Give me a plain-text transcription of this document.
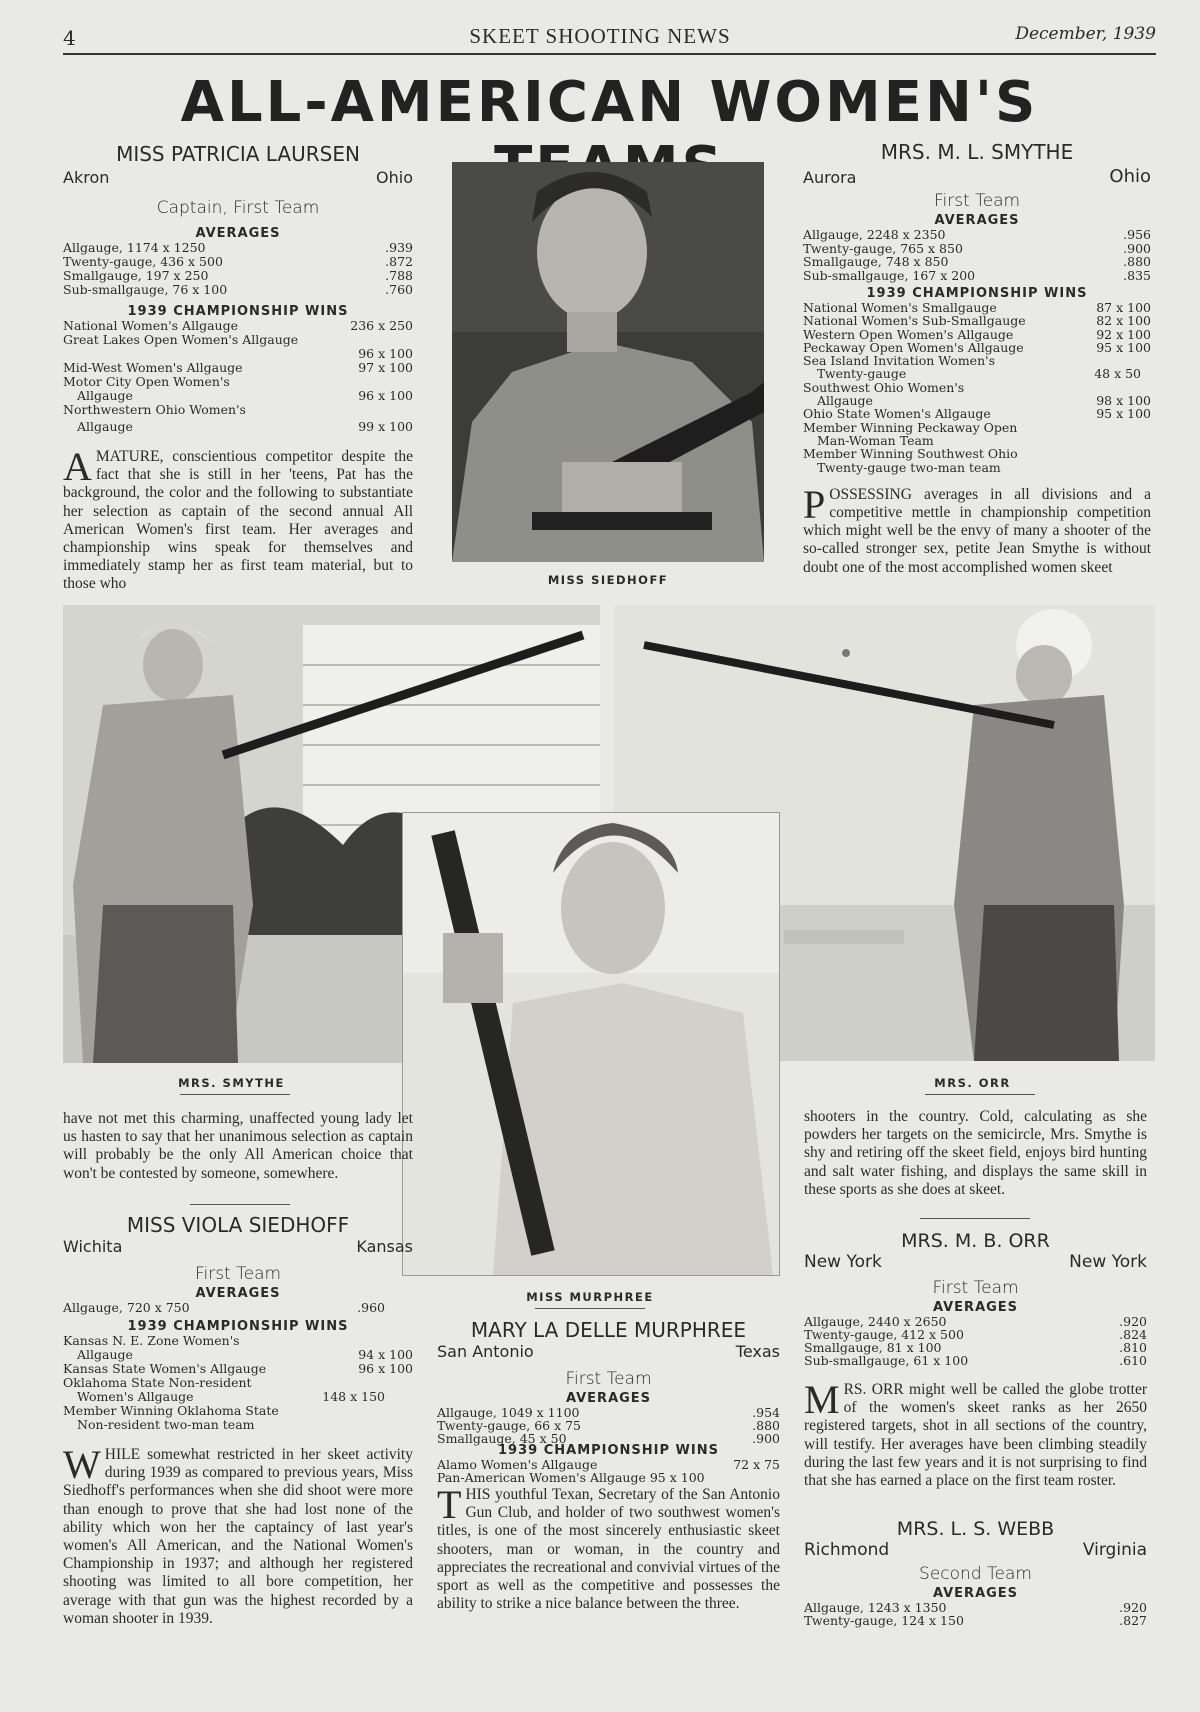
4	SKEET SHOOTING NEWS	December, 1939
ALL-AMERICAN WOMEN'S
MISS PATRICIA LAURSEN
Akron	Ohio
Captain, First Team
AVERAGES
Allgauge, 1174 x 1250	.939
Twenty-gauge, 436 x 500	.872
Smallgauge, 197 x 250	.788
Sub-smallgauge, 76 x 100	.760
1939 CHAMPIONSHIP WINS
National Women's Allgauge	236 x 250
Great Lakes Open Women's Allgauge
96 x 100
Mid-West Women's Allgauge	97 x 100
Motor City Open Women's
Allgauge	96 x 100
Northwestern Ohio Women's
Allgauge	99 x 100
AMATURE, conscientious competitor despite the fact that she is still in her 'teens, Pat has the background, the color and the following to substantiate her selection as captain of the second annual All American Women's first team. Her averages and championship wins speak for themselves and immediately stamp her as first team material, but to those who	MISS SIEDHOFF
MRS. M. L. SMYTHE
Aurora	Ohio
First Team
AVERAGES
Allgauge, 2248 x 2350	.956
Twenty-gauge, 765 x 850	.900
Smallgauge, 748 x 850	.880
Sub-smallgauge, 167 x 200	.835
1939 CHAMPIONSHIP WINS
National Women's Smallgauge	87 x 100
National Women's Sub-Smallgauge	82 x 100
Western Open Women's Allgauge	92 x 100
Peckaway Open Women's Allgauge	95 x 100
Sea Island Invitation Women's
Twenty-gauge	48 x 50
Southwest Ohio Women's
Allgauge	98 x 100
Ohio State Women's Allgauge	95 x 100
Member Winning Peckaway Open
Man-Woman Team
Member Winning Southwest Ohio
Twenty-gauge two-man team
POSSESSING averages in all divisions and a competitive mettle in championship competition which might well be the envy of many a shooter of the so-called stronger sex, petite Jean Smythe is without doubt one of the most accomplished women skeet
MRS. SMYTHE	MRS. ORR
MISS MURPHREE
have not met this charming, unaffected young lady let us hasten to say that her unanimous selection as captain will probably be the only All American choice that won't be contested by someone, somewhere.
MISS VIOLA SIEDHOFF
Wichita	Kansas
First Team
AVERAGES
Allgauge, 720 x 750	.960
1939 CHAMPIONSHIP WINS
Kansas N. E. Zone Women's
Allgauge	94 x 100
Kansas State Women's Allgauge	96 x 100
Oklahoma State Non-resident
Women's Allgauge	148 x 150
Member Winning Oklahoma State
Non-resident two-man team
WHILE somewhat restricted in her skeet activity during 1939 as compared to previous years, Miss Siedhoff's performances when she did shoot were more than enough to prove that she had lost none of the ability which won her the captaincy of last year's women's All American, and the National Women's Championship in 1937; and although her registered shooting was limited to all bore competition, her average with that gun was the highest recorded by a woman shooter in 1939.
MARY LA DELLE MURPHREE
San Antonio	Texas
First Team
AVERAGES
Allgauge, 1049 x 1100	.954
Twenty-gauge, 66 x 75	.880
Smallgauge, 45 x 50	.900
1939 CHAMPIONSHIP WINS
Alamo Women's Allgauge	72 x 75
Pan-American Women's Allgauge 95 x 100
THIS youthful Texan, Secretary of the San Antonio Gun Club, and holder of two southwest women's titles, is one of the most sincerely enthusiastic skeet shooters, man or woman, in the country and appreciates the recreational and convivial virtues of the sport as well as the competitive and possesses the ability to strike a nice balance between the three.
shooters in the country. Cold, calculating as she powders her targets on the semicircle, Mrs. Smythe is shy and retiring off the skeet field, enjoys bird hunting and salt water fishing, and displays the same skill in these sports as she does at skeet.
MRS. M. B. ORR
New York	New York
First Team
AVERAGES
Allgauge, 2440 x 2650	.920
Twenty-gauge, 412 x 500	.824
Smallgauge, 81 x 100	.810
Sub-smallgauge, 61 x 100	.610
MRS. ORR might well be called the globe trotter of the women's skeet ranks as her 2650 registered targets, shot in all sections of the country, will testify. Her averages have been climbing steadily during the last few years and it is not surprising to find that she has earned a place on the first team roster.
MRS. L. S. WEBB
Richmond	Virginia
Second Team
AVERAGES
Allgauge, 1243 x 1350	.920
Twenty-gauge, 124 x 150	.827
